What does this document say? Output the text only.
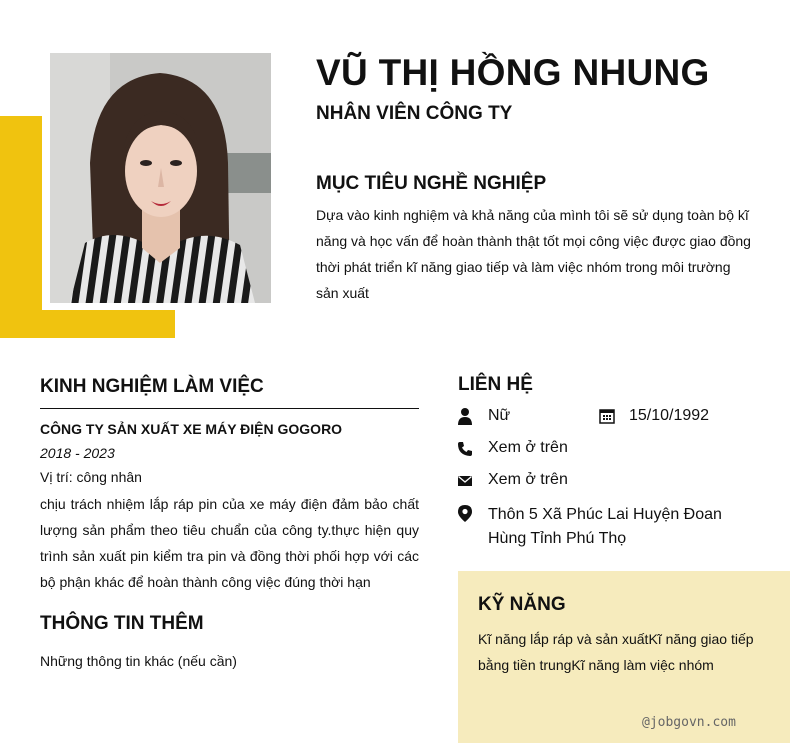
VŨ THỊ HỒNG NHUNG
NHÂN VIÊN CÔNG TY
MỤC TIÊU NGHỀ NGHIỆP
Dựa vào kinh nghiệm và khả năng của mình tôi sẽ sử dụng toàn bộ kĩ năng và học vấn để hoàn thành thật tốt mọi công việc được giao đồng thời phát triển kĩ năng giao tiếp và làm việc nhóm trong môi trường sản xuất
KINH NGHIỆM LÀM VIỆC
CÔNG TY SẢN XUẤT XE MÁY ĐIỆN GOGORO
2018 - 2023
Vị trí: công nhân
chịu trách nhiệm lắp ráp pin của xe máy điện đảm bảo chất lượng sản phẩm theo tiêu chuẩn của công ty.thực hiện quy trình sản xuất pin kiểm tra pin và đồng thời phối hợp với các bộ phận khác để hoàn thành công việc đúng thời hạn
THÔNG TIN THÊM
Những thông tin khác (nếu cần)
LIÊN HỆ
Nữ	15/10/1992
Xem ở trên
Xem ở trên
Thôn 5 Xã Phúc Lai Huyện Đoan Hùng Tỉnh Phú Thọ
KỸ NĂNG
Kĩ năng lắp ráp và sản xuấtKĩ năng giao tiếp bằng tiền trungKĩ năng làm việc nhóm
@jobgovn.com
